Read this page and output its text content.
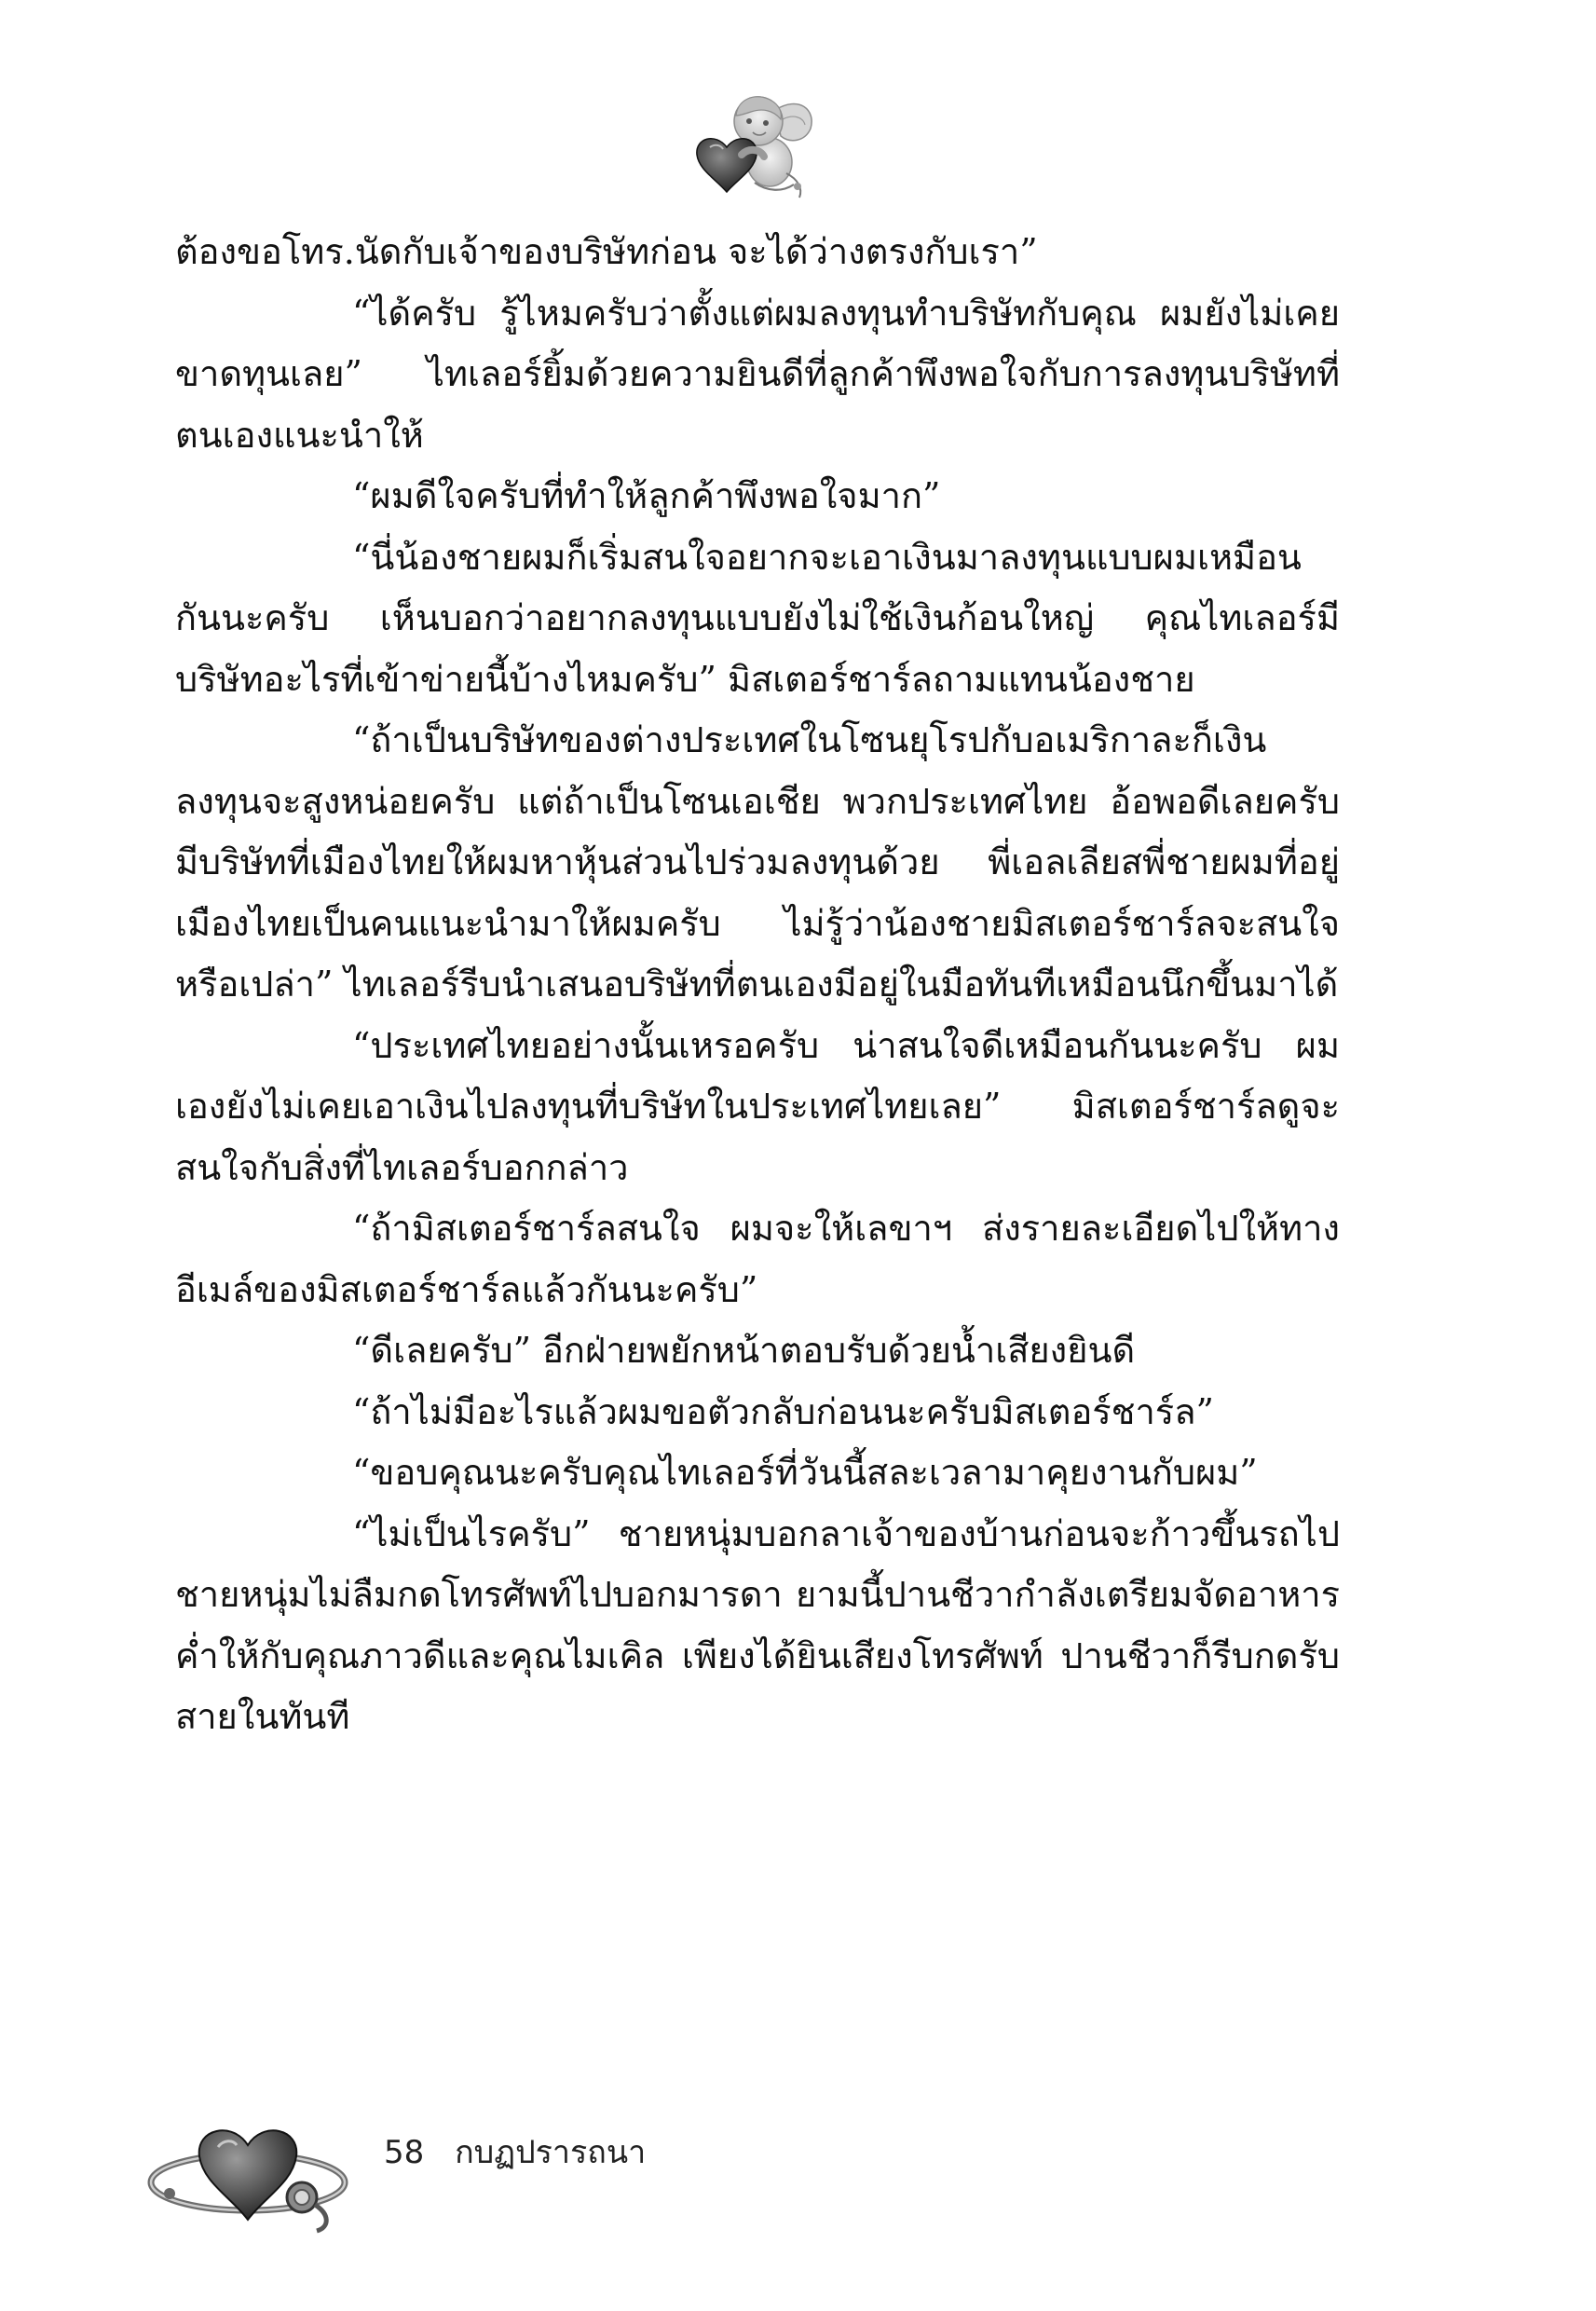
ต้องขอโทร.นัดกับเจ้าของบริษัทก่อน จะได้ว่างตรงกับเรา”

“ได้ครับ รู้ไหมครับว่าตั้งแต่ผมลงทุนทำบริษัทกับคุณ ผมยังไม่เคยขาดทุนเลย” ไทเลอร์ยิ้มด้วยความยินดีที่ลูกค้าพึงพอใจกับการลงทุนบริษัทที่ตนเองแนะนำให้

“ผมดีใจครับที่ทำให้ลูกค้าพึงพอใจมาก”

“นี่น้องชายผมก็เริ่มสนใจอยากจะเอาเงินมาลงทุนแบบผมเหมือนกันนะครับ เห็นบอกว่าอยากลงทุนแบบยังไม่ใช้เงินก้อนใหญ่ คุณไทเลอร์มีบริษัทอะไรที่เข้าข่ายนี้บ้างไหมครับ” มิสเตอร์ชาร์ลถามแทนน้องชาย

“ถ้าเป็นบริษัทของต่างประเทศในโซนยุโรปกับอเมริกาละก็เงินลงทุนจะสูงหน่อยครับ แต่ถ้าเป็นโซนเอเชีย พวกประเทศไทย อ้อพอดีเลยครับ มีบริษัทที่เมืองไทยให้ผมหาหุ้นส่วนไปร่วมลงทุนด้วย พี่เอลเลียสพี่ชายผมที่อยู่เมืองไทยเป็นคนแนะนำมาให้ผมครับ ไม่รู้ว่าน้องชายมิสเตอร์ชาร์ลจะสนใจหรือเปล่า” ไทเลอร์รีบนำเสนอบริษัทที่ตนเองมีอยู่ในมือทันทีเหมือนนึกขึ้นมาได้

“ประเทศไทยอย่างนั้นเหรอครับ น่าสนใจดีเหมือนกันนะครับ ผมเองยังไม่เคยเอาเงินไปลงทุนที่บริษัทในประเทศไทยเลย” มิสเตอร์ชาร์ลดูจะสนใจกับสิ่งที่ไทเลอร์บอกกล่าว

“ถ้ามิสเตอร์ชาร์ลสนใจ ผมจะให้เลขาฯ ส่งรายละเอียดไปให้ทางอีเมล์ของมิสเตอร์ชาร์ลแล้วกันนะครับ”

“ดีเลยครับ” อีกฝ่ายพยักหน้าตอบรับด้วยน้ำเสียงยินดี

“ถ้าไม่มีอะไรแล้วผมขอตัวกลับก่อนนะครับมิสเตอร์ชาร์ล”

“ขอบคุณนะครับคุณไทเลอร์ที่วันนี้สละเวลามาคุยงานกับผม”

“ไม่เป็นไรครับ” ชายหนุ่มบอกลาเจ้าของบ้านก่อนจะก้าวขึ้นรถไป ชายหนุ่มไม่ลืมกดโทรศัพท์ไปบอกมารดา ยามนี้ปานชีวากำลังเตรียมจัดอาหารค่ำให้กับคุณภาวดีและคุณไมเคิล เพียงได้ยินเสียงโทรศัพท์ ปานชีวาก็รีบกดรับสายในทันที

58 กบฏปรารถนา
